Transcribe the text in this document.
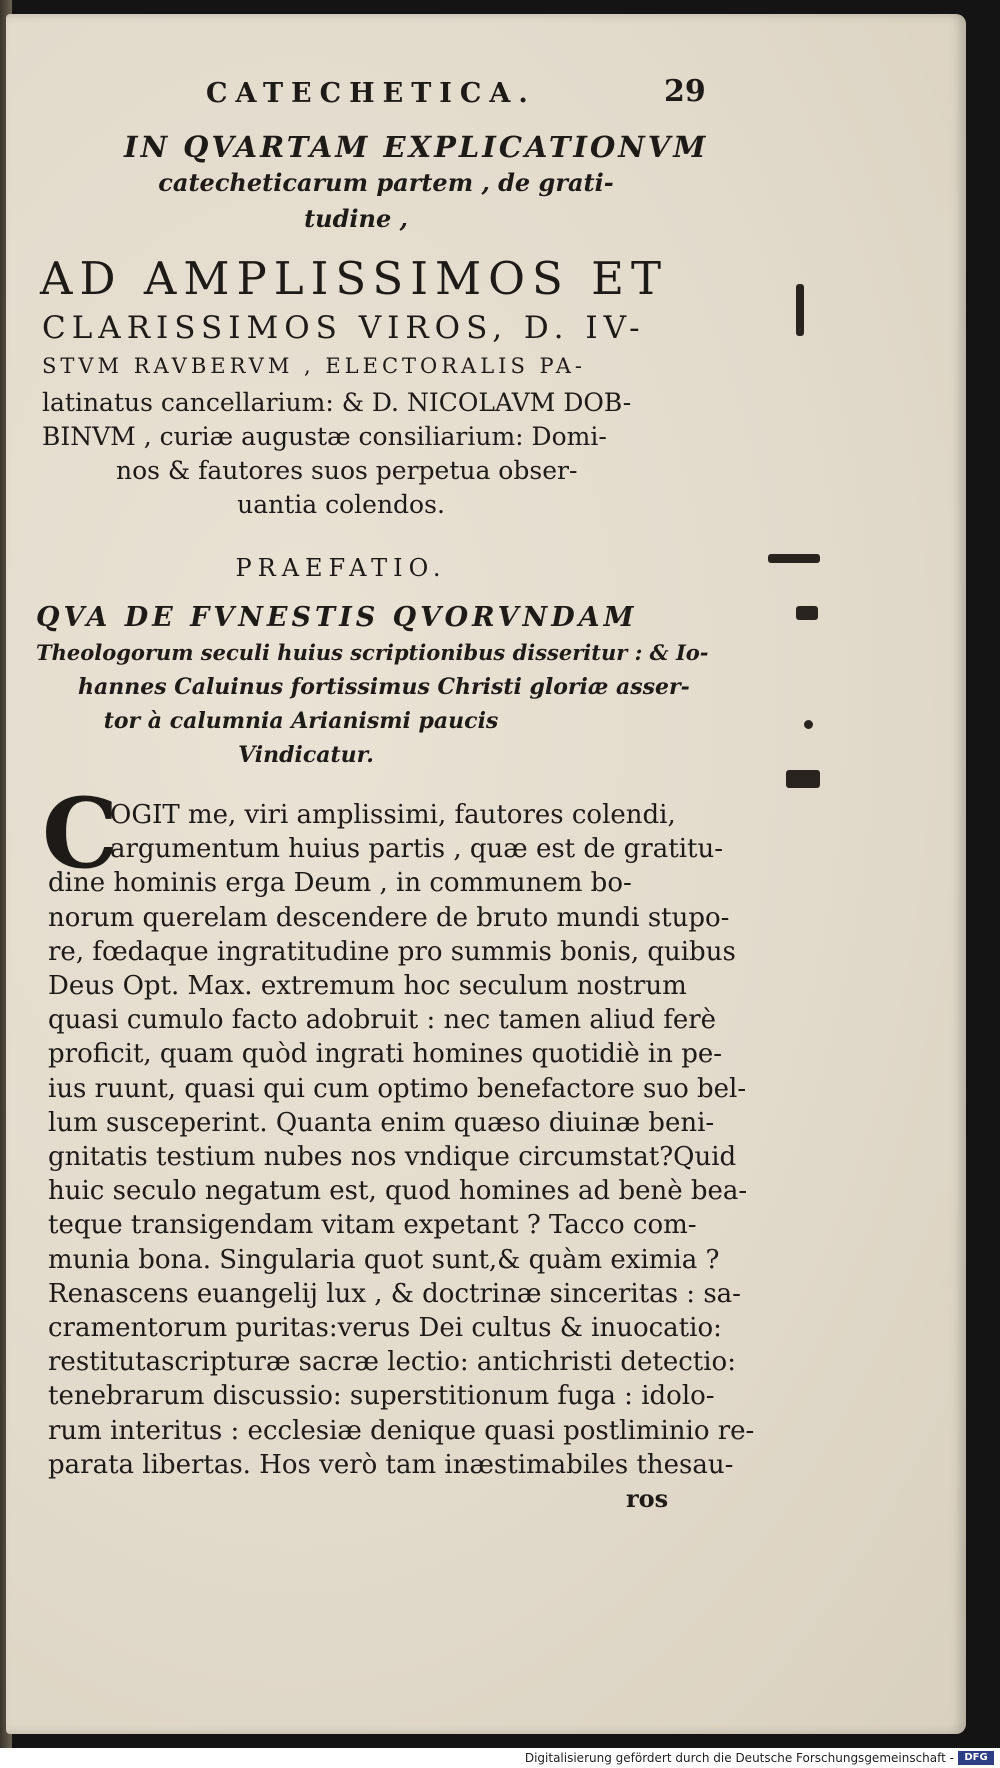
CATECHETICA.	29
IN QVARTAM EXPLICATIONVM
catecheticarum partem , de grati-
tudine ,
AD AMPLISSIMOS ET
CLARISSIMOS VIROS, D. IV-
STVM RAVBERVM , ELECTORALIS PA-
latinatus cancellarium: & D. NICOLAVM DOB-
BINVM , curiæ augustæ consiliarium: Domi-
nos & fautores suos perpetua obser-
uantia colendos.
PRAEFATIO.
QVA DE FVNESTIS QVORVNDAM
Theologorum seculi huius scriptionibus disseritur : & Io-
hannes Caluinus fortissimus Christi gloriæ asser-
tor à calumnia Arianismi paucis
Vindicatur.
C
OGIT me, viri amplissimi, fautores colendi,
argumentum huius partis , quæ est de gratitu-
dine hominis erga Deum , in communem bo-
norum querelam descendere de bruto mundi stupo-
re, fœdaque ingratitudine pro summis bonis, quibus
Deus Opt. Max. extremum hoc seculum nostrum
quasi cumulo facto adobruit : nec tamen aliud ferè
proficit, quam quòd ingrati homines quotidiè in pe-
ius ruunt, quasi qui cum optimo benefactore suo bel-
lum susceperint. Quanta enim quæso diuinæ beni-
gnitatis testium nubes nos vndique circumstat?Quid
huic seculo negatum est, quod homines ad benè bea-
teque transigendam vitam expetant ? Tacco com-
munia bona. Singularia quot sunt,& quàm eximia ?
Renascens euangelij lux , & doctrinæ sinceritas : sa-
cramentorum puritas:verus Dei cultus & inuocatio:
restitutascripturæ sacræ lectio: antichristi detectio:
tenebrarum discussio: superstitionum fuga : idolo-
rum interitus : ecclesiæ denique quasi postliminio re-
parata libertas. Hos verò tam inæstimabiles thesau-
ros
Digitalisierung gefördert durch die Deutsche Forschungsgemeinschaft -	DFG
